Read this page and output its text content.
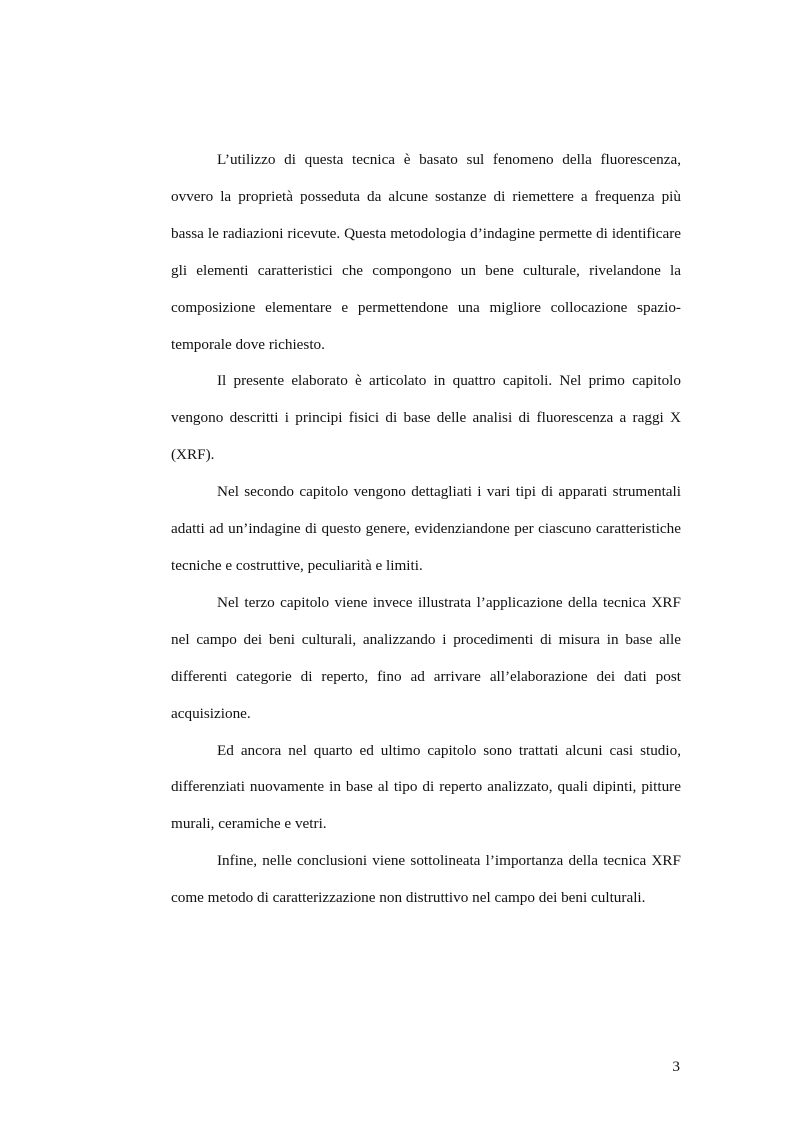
L’utilizzo di questa tecnica è basato sul fenomeno della fluorescenza, ovvero la proprietà posseduta da alcune sostanze di riemettere a frequenza più bassa le radiazioni ricevute. Questa metodologia d’indagine permette di identificare gli elementi caratteristici che compongono un bene culturale, rivelandone la composizione elementare e permettendone una migliore collocazione spazio-temporale dove richiesto.

Il presente elaborato è articolato in quattro capitoli. Nel primo capitolo vengono descritti i principi fisici di base delle analisi di fluorescenza a raggi X (XRF).

Nel secondo capitolo vengono dettagliati i vari tipi di apparati strumentali adatti ad un’indagine di questo genere, evidenziandone per ciascuno caratteristiche tecniche e costruttive, peculiarità e limiti.

Nel terzo capitolo viene invece illustrata l’applicazione della tecnica XRF nel campo dei beni culturali, analizzando i procedimenti di misura in base alle differenti categorie di reperto, fino ad arrivare all’elaborazione dei dati post acquisizione.

Ed ancora nel quarto ed ultimo capitolo sono trattati alcuni casi studio, differenziati nuovamente in base al tipo di reperto analizzato, quali dipinti, pitture murali, ceramiche e vetri.

Infine, nelle conclusioni viene sottolineata l’importanza della tecnica XRF come metodo di caratterizzazione non distruttivo nel campo dei beni culturali.

3
